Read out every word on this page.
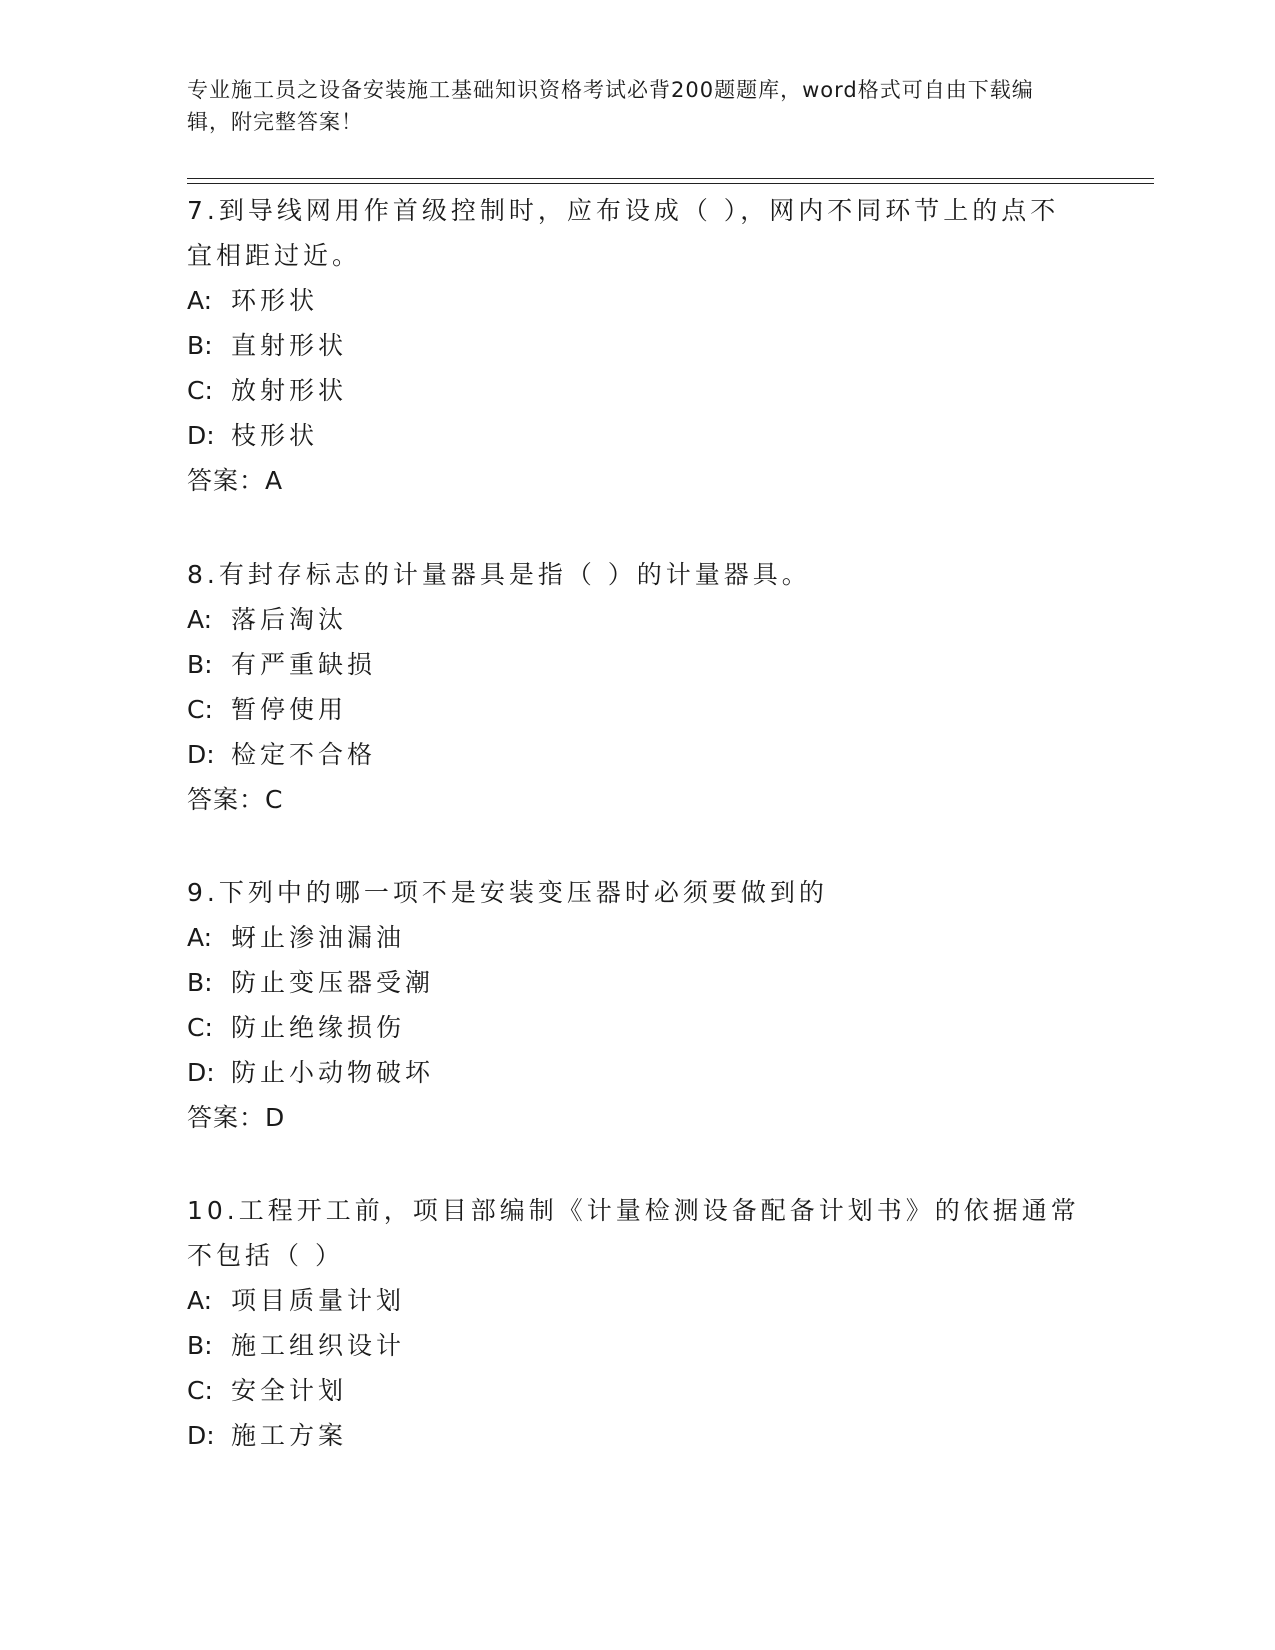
专业施工员之设备安装施工基础知识资格考试必背200题题库，word格式可自由下载编辑，附完整答案！

7.到导线网用作首级控制时，应布设成（ ），网内不同环节上的点不宜相距过近。

A: 环形状
B: 直射形状
C: 放射形状
D: 枝形状
答案：A

8.有封存标志的计量器具是指（ ）的计量器具。

A: 落后淘汰
B: 有严重缺损
C: 暂停使用
D: 检定不合格
答案：C

9.下列中的哪一项不是安装变压器时必须要做到的

A: 蚜止渗油漏油
B: 防止变压器受潮
C: 防止绝缘损伤
D: 防止小动物破坏
答案：D

10.工程开工前，项目部编制《计量检测设备配备计划书》的依据通常不包括（ ）

A: 项目质量计划
B: 施工组织设计
C: 安全计划
D: 施工方案
